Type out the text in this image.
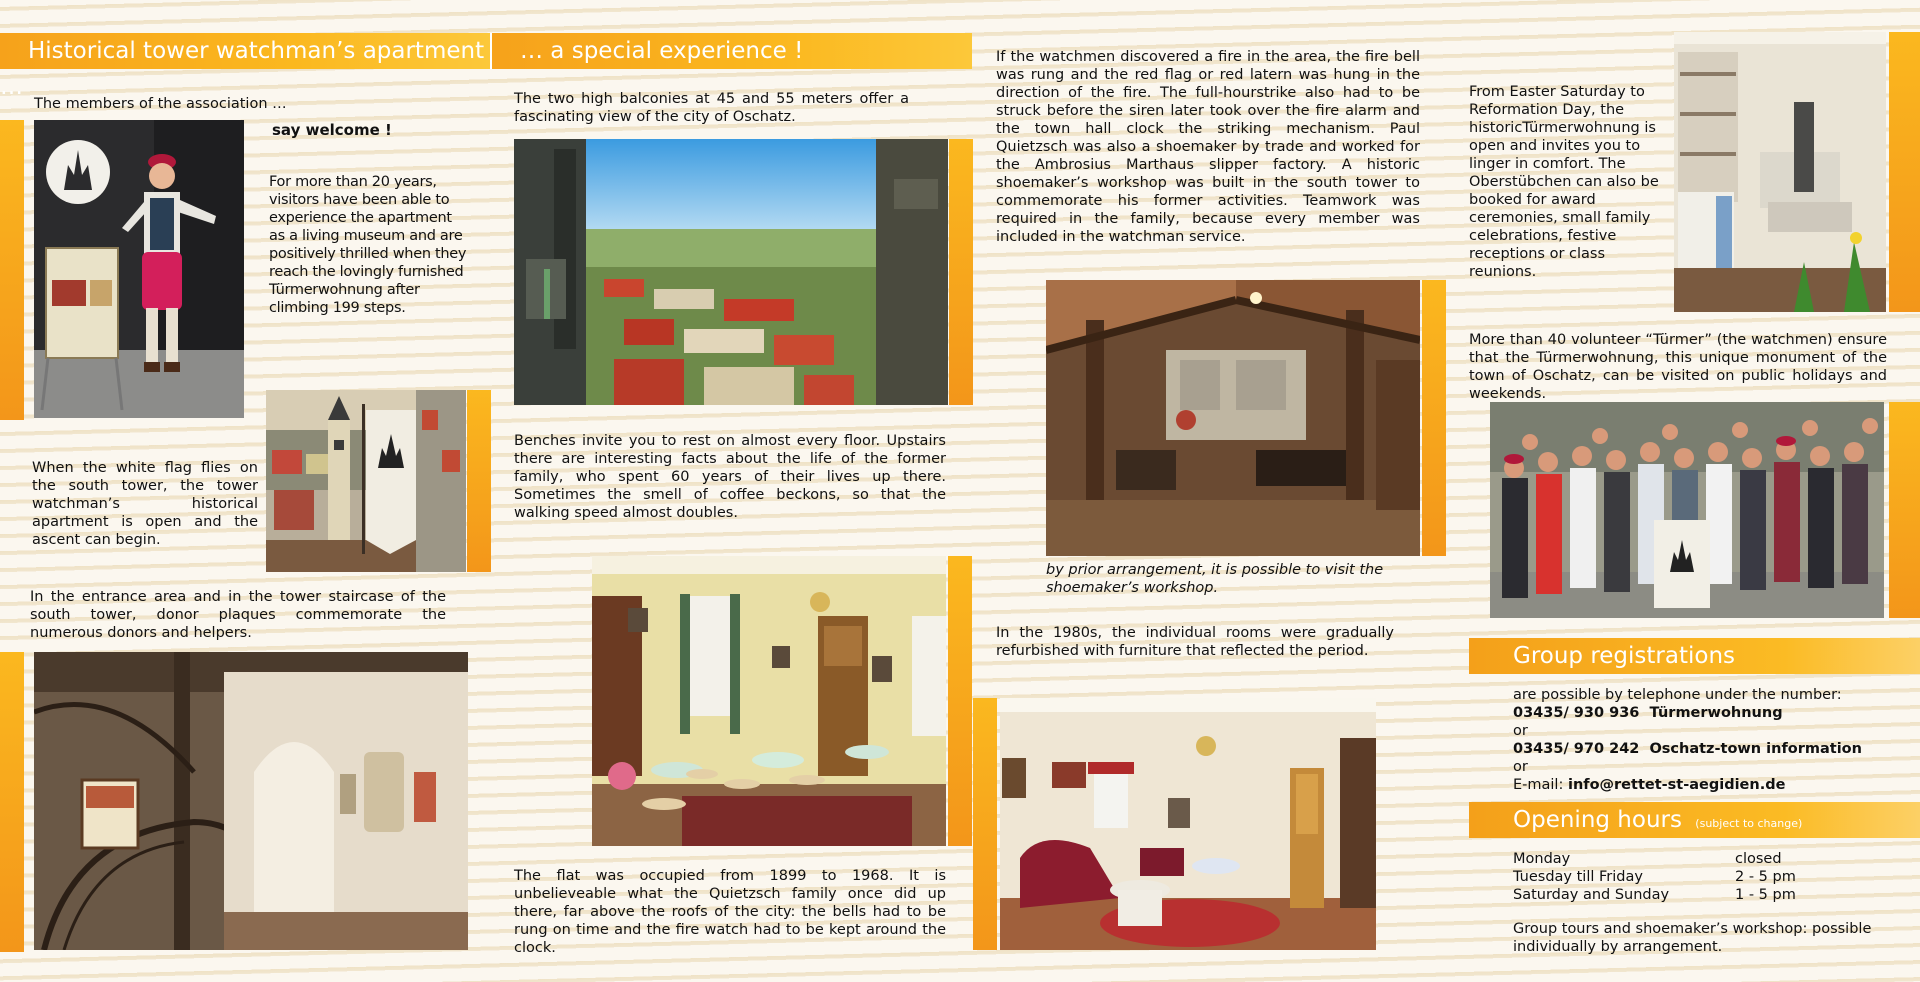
Historical tower watchman’s apartment …
… a special experience !
The members of the association …
say welcome !
For more than 20 years, visitors have been able to experience the apartment as a living museum and are positively thrilled when they reach the lovingly furnished Türmerwohnung after climbing 199 steps.
When the white flag flies on the south tower, the tower watchman’s historical apartment is open and the ascent can begin.
In the entrance area and in the tower staircase of the south tower, donor plaques commemorate the numerous donors and helpers.
The two high balconies at 45 and 55 meters offer a fascinating view of the city of Oschatz.
Benches invite you to rest on almost every floor. Upstairs there are interesting facts about the life of the former family, who spent 60 years of their lives up there. Sometimes the smell of coffee beckons, so that the walking speed almost doubles.
The flat was occupied from 1899 to 1968. It is unbelieveable what the Quietzsch family once did up there, far above the roofs of the city: the bells had to be rung on time and the fire watch had to be kept around the clock.
If the watchmen discovered a fire in the area, the fire bell was rung and the red flag or red latern was hung in the direction of the fire. The full-hourstrike also had to be struck before the siren later took over the fire alarm and the town hall clock the striking mechanism. Paul Quietzsch was also a shoemaker by trade and worked for the Ambrosius Marthaus slipper factory. A historic shoemaker’s workshop was built in the south tower to commemorate his former activities. Teamwork was required in the family, because every member was included in the watchman service.
by prior arrangement, it is possible to visit the shoemaker’s workshop.
In the 1980s, the individual rooms were gradually refurbished with furniture that reflected the period.
From Easter Saturday to Reformation Day, the historicTürmerwohnung is open and invites you to linger in comfort. The Oberstübchen can also be booked for award ceremonies, small family celebrations, festive receptions or class reunions.
More than 40 volunteer “Türmer” (the watchmen) ensure that the Türmerwohnung, this unique monument of the town of Oschatz, can be visited on public holidays and weekends.
Group registrations
are possible by telephone under the number:
03435/ 930 936  Türmerwohnung
or
03435/ 970 242  Oschatz-town information
or
E-mail: info@rettet-st-aegidien.de
Opening hours (subject to change)
Monday	closed
Tuesday till Friday	2 - 5 pm
Saturday and Sunday	1 - 5 pm
Group tours and shoemaker’s workshop: possible individually by arrangement.
